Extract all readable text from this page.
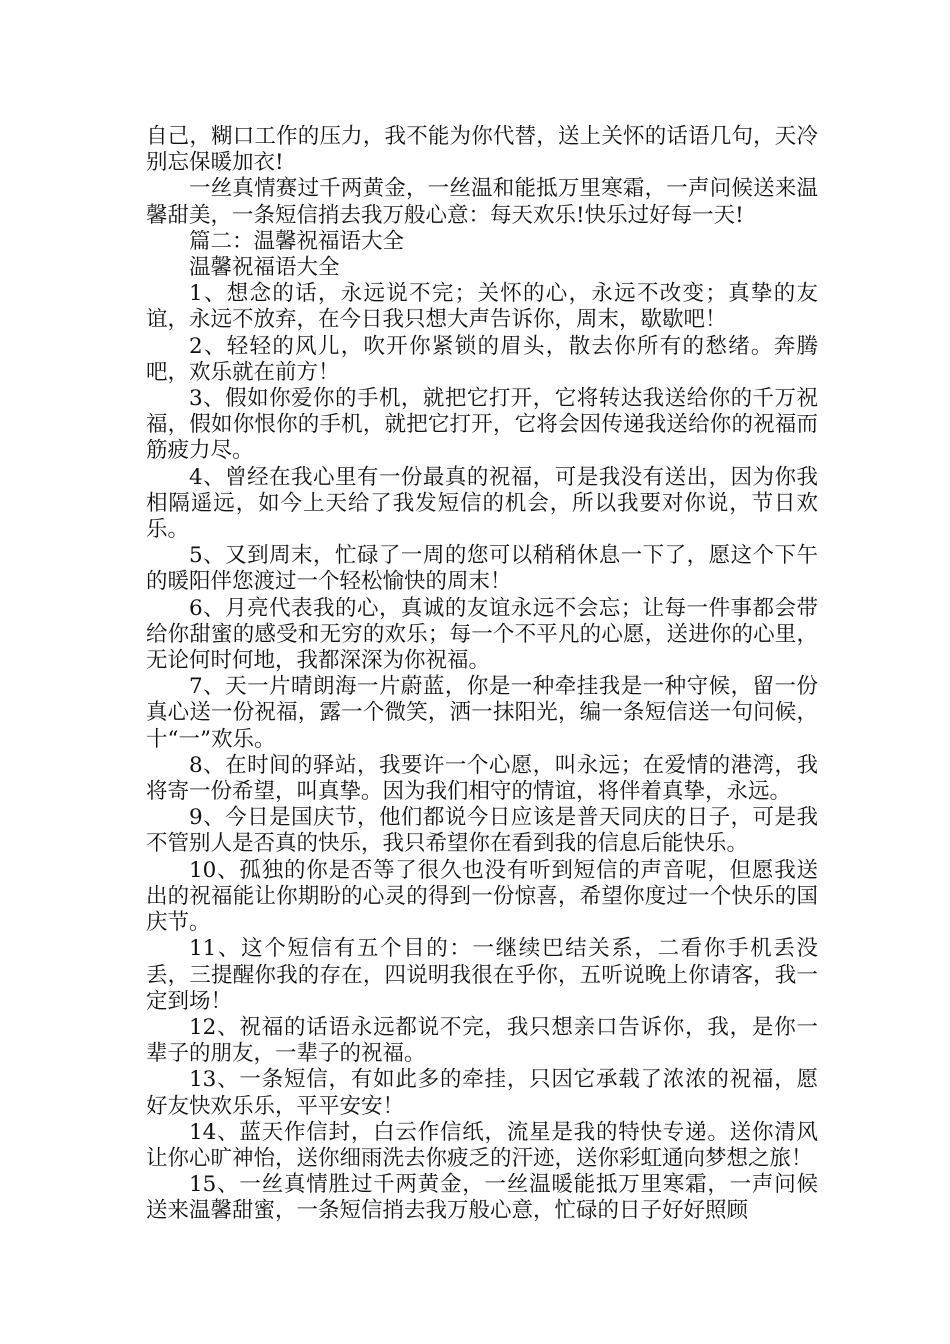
自己，糊口工作的压力，我不能为你代替，送上关怀的话语几句，天冷别忘保暖加衣!

一丝真情赛过千两黄金，一丝温和能抵万里寒霜，一声问候送来温馨甜美，一条短信捎去我万般心意：每天欢乐!快乐过好每一天!

篇二：温馨祝福语大全

温馨祝福语大全

1、想念的话，永远说不完；关怀的心，永远不改变；真挚的友谊，永远不放弃，在今日我只想大声告诉你，周末，歇歇吧！

2、轻轻的风儿，吹开你紧锁的眉头，散去你所有的愁绪。奔腾吧，欢乐就在前方！

3、假如你爱你的手机，就把它打开，它将转达我送给你的千万祝福，假如你恨你的手机，就把它打开，它将会因传递我送给你的祝福而筋疲力尽。

4、曾经在我心里有一份最真的祝福，可是我没有送出，因为你我相隔遥远，如今上天给了我发短信的机会，所以我要对你说，节日欢乐。

5、又到周末，忙碌了一周的您可以稍稍休息一下了，愿这个下午的暖阳伴您渡过一个轻松愉快的周末！

6、月亮代表我的心，真诚的友谊永远不会忘；让每一件事都会带给你甜蜜的感受和无穷的欢乐；每一个不平凡的心愿，送进你的心里，无论何时何地，我都深深为你祝福。

7、天一片晴朗海一片蔚蓝，你是一种牵挂我是一种守候，留一份真心送一份祝福，露一个微笑，洒一抹阳光，编一条短信送一句问候，十“一”欢乐。

8、在时间的驿站，我要许一个心愿，叫永远；在爱情的港湾，我将寄一份希望，叫真挚。因为我们相守的情谊，将伴着真挚，永远。

9、今日是国庆节，他们都说今日应该是普天同庆的日子，可是我不管别人是否真的快乐，我只希望你在看到我的信息后能快乐。

10、孤独的你是否等了很久也没有听到短信的声音呢，但愿我送出的祝福能让你期盼的心灵的得到一份惊喜，希望你度过一个快乐的国庆节。

11、这个短信有五个目的：一继续巴结关系，二看你手机丢没丢，三提醒你我的存在，四说明我很在乎你，五听说晚上你请客，我一定到场！

12、祝福的话语永远都说不完，我只想亲口告诉你，我，是你一辈子的朋友，一辈子的祝福。

13、一条短信，有如此多的牵挂，只因它承载了浓浓的祝福，愿好友快欢乐乐，平平安安！

14、蓝天作信封，白云作信纸，流星是我的特快专递。送你清风让你心旷神怡，送你细雨洗去你疲乏的汗迹，送你彩虹通向梦想之旅！

15、一丝真情胜过千两黄金，一丝温暖能抵万里寒霜，一声问候送来温馨甜蜜，一条短信捎去我万般心意，忙碌的日子好好照顾
